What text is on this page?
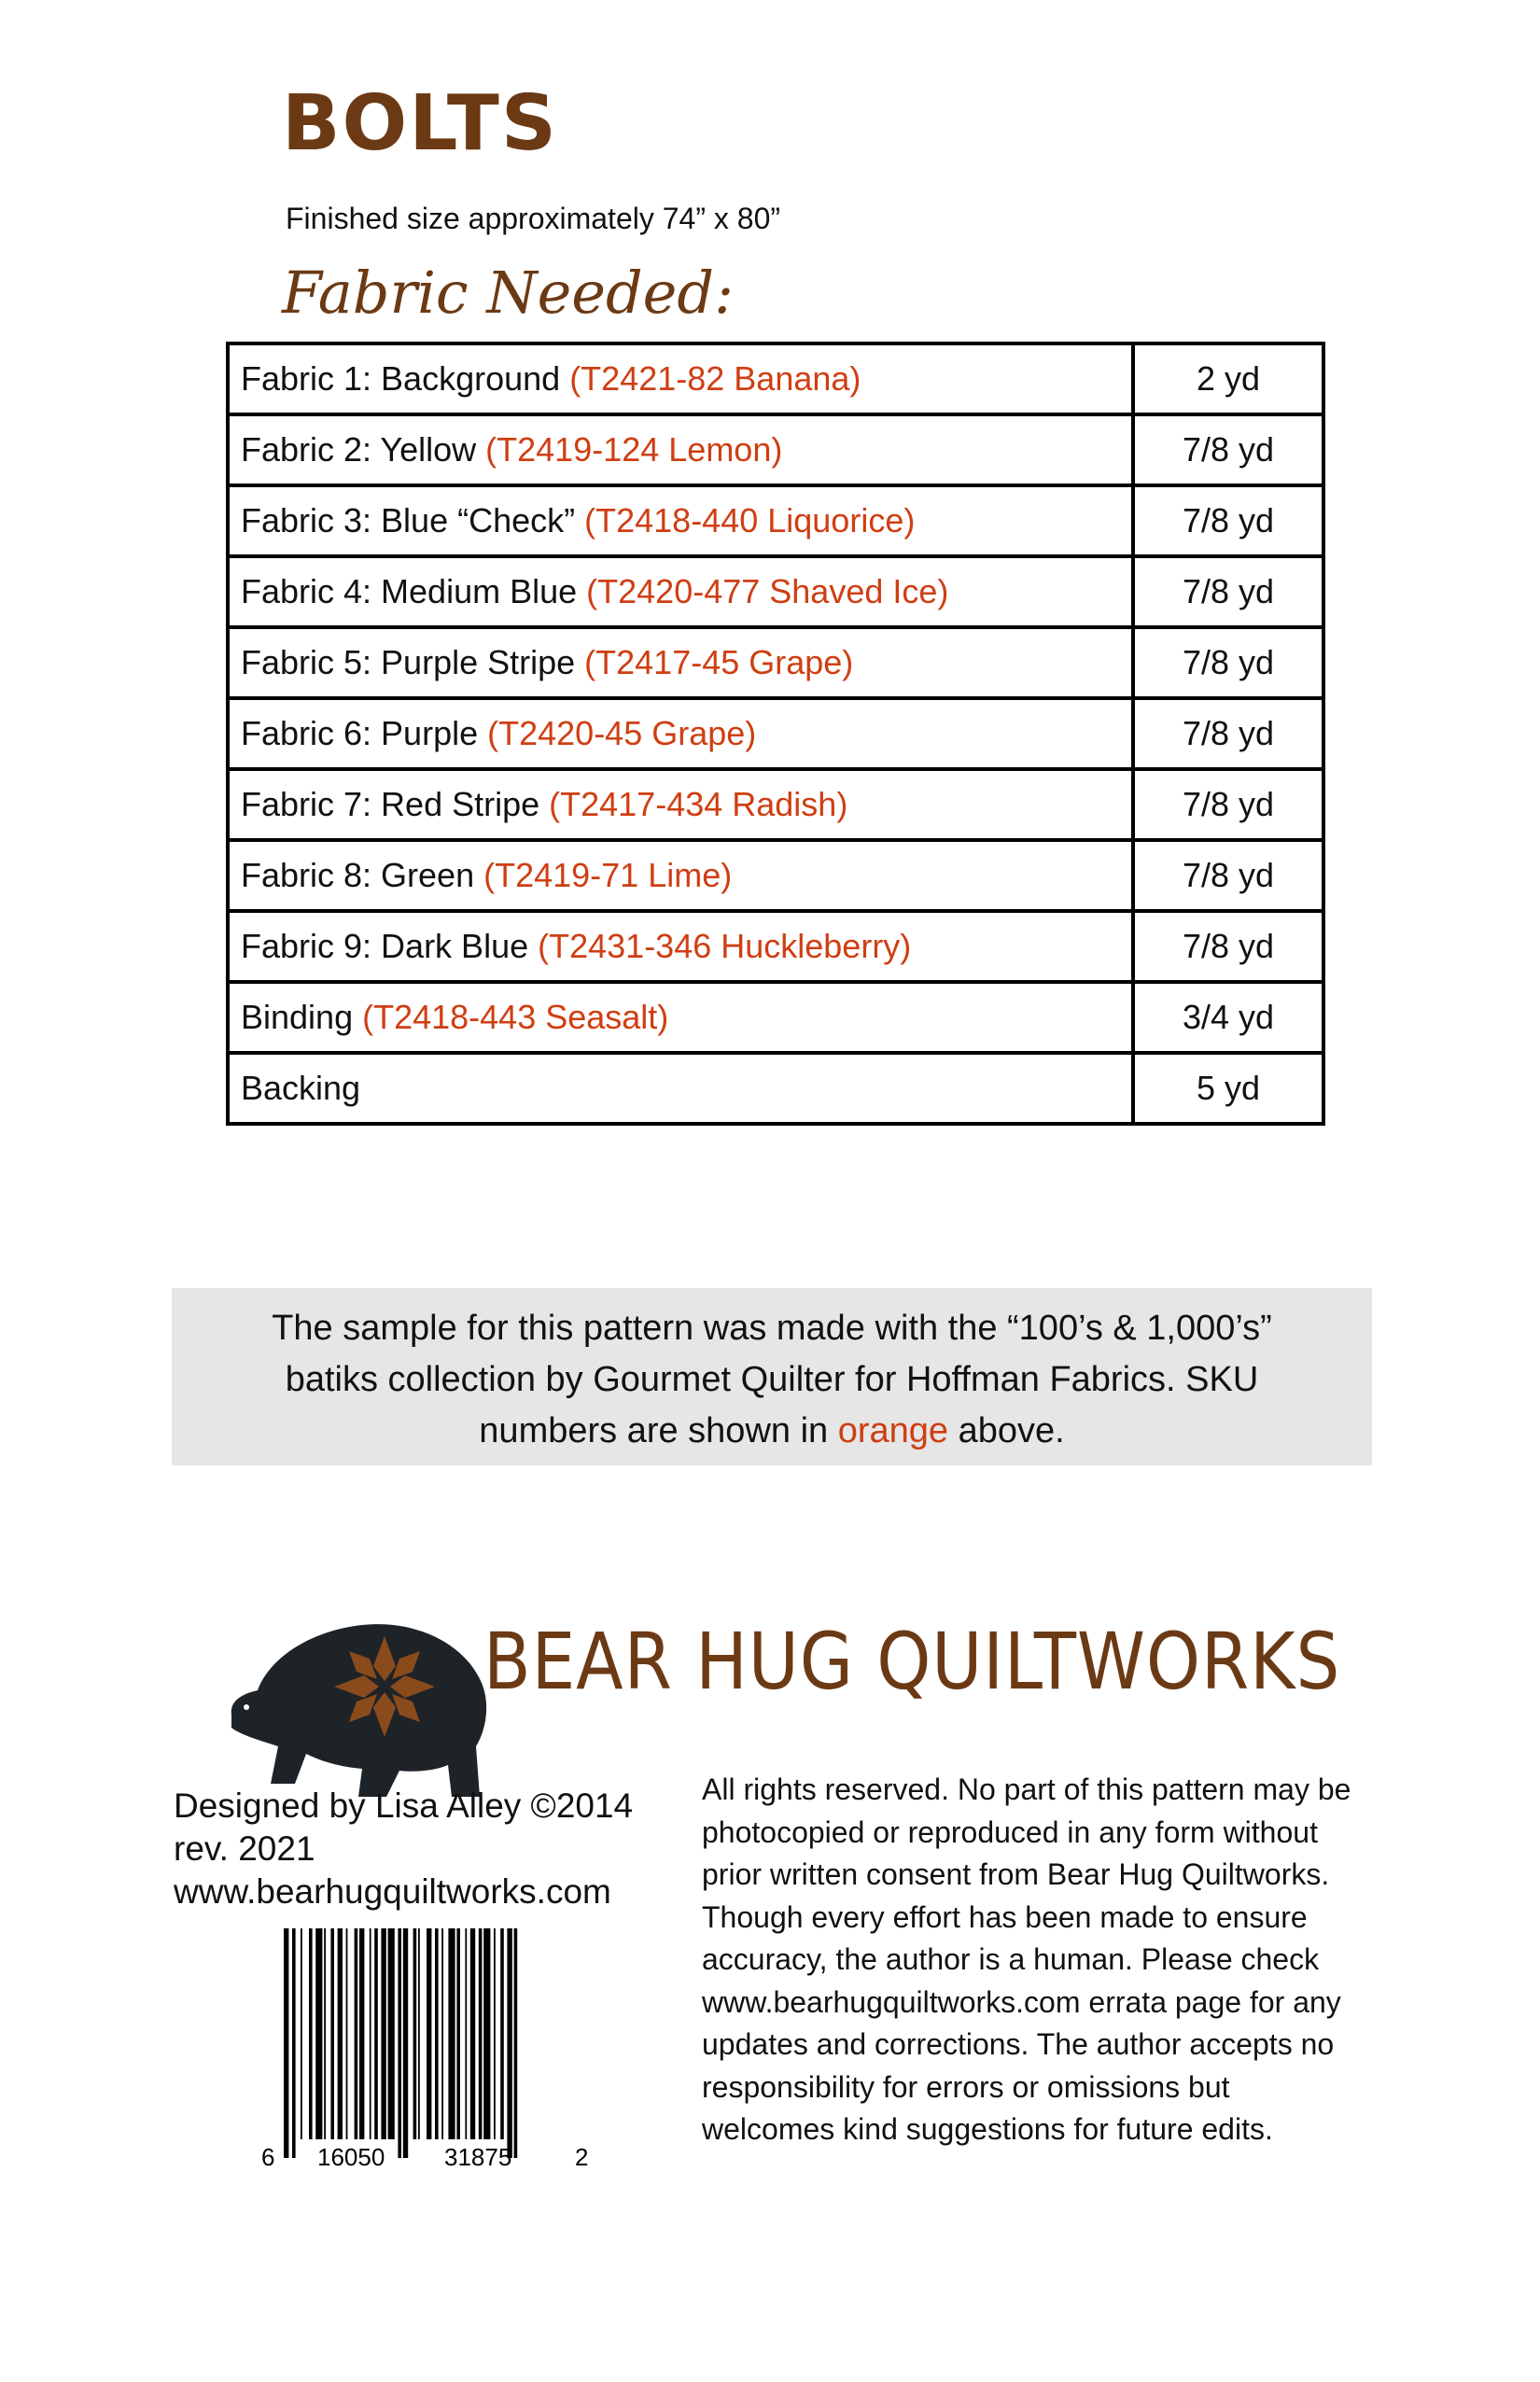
BOLTS
Finished size approximately 74” x 80”
Fabric Needed:
Fabric 1: Background (T2421-82 Banana)	2 yd
Fabric 2: Yellow (T2419-124 Lemon)	7/8 yd
Fabric 3: Blue “Check” (T2418-440 Liquorice)	7/8 yd
Fabric 4: Medium Blue (T2420-477 Shaved Ice)	7/8 yd
Fabric 5: Purple Stripe (T2417-45 Grape)	7/8 yd
Fabric 6: Purple (T2420-45 Grape)	7/8 yd
Fabric 7: Red Stripe (T2417-434 Radish)	7/8 yd
Fabric 8: Green (T2419-71 Lime)	7/8 yd
Fabric 9: Dark Blue (T2431-346 Huckleberry)	7/8 yd
Binding (T2418-443 Seasalt)	3/4 yd
Backing	5 yd
The sample for this pattern was made with the “100’s & 1,000’s”
batiks collection by Gourmet Quilter for Hoffman Fabrics. SKU
numbers are shown in orange above.
BEAR HUG QUILTWORKS
Designed by Lisa Alley ©2014
rev. 2021
www.bearhugquiltworks.com
6 16050 31875	2
All rights reserved. No part of this pattern may be
photocopied or reproduced in any form without
prior written consent from Bear Hug Quiltworks.
Though every effort has been made to ensure
accuracy, the author is a human. Please check
www.bearhugquiltworks.com errata page for any
updates and corrections. The author accepts no
responsibility for errors or omissions but
welcomes kind suggestions for future edits.
